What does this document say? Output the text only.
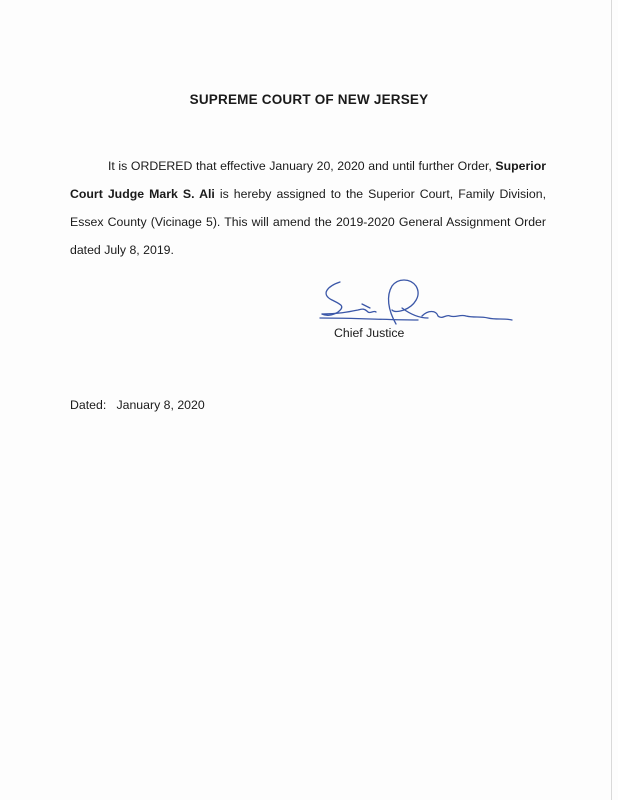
SUPREME COURT OF NEW JERSEY
It is ORDERED that effective January 20, 2020 and until further Order, Superior Court Judge Mark S. Ali is hereby assigned to the Superior Court, Family Division, Essex County (Vicinage 5). This will amend the 2019-2020 General Assignment Order dated July 8, 2019.
Chief Justice
Dated: January 8, 2020
